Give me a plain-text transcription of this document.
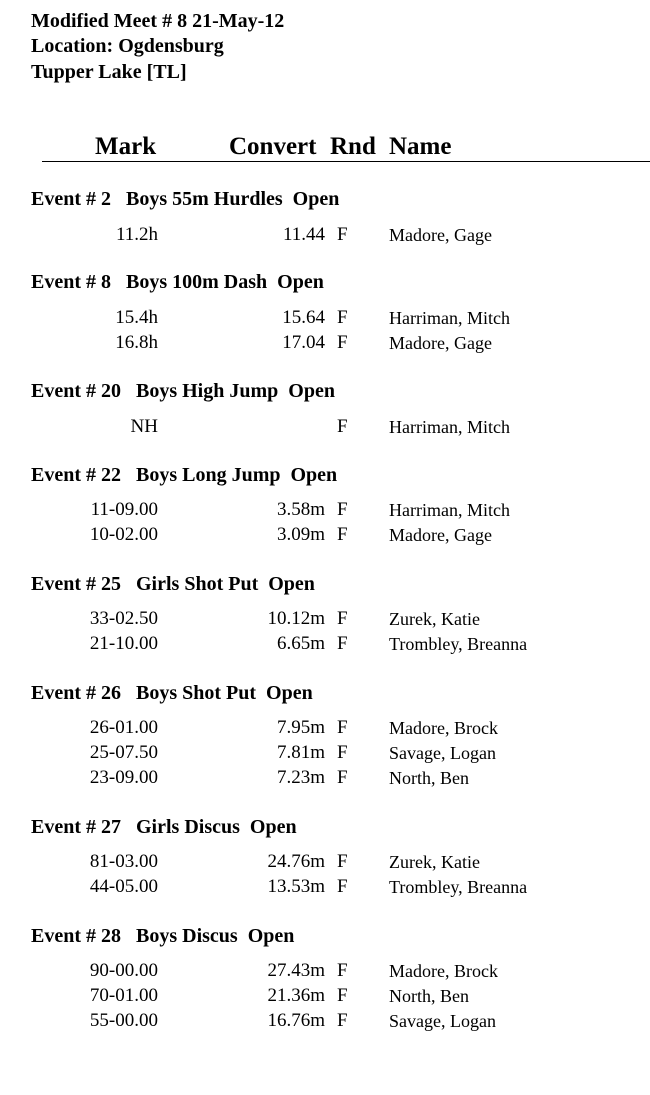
Modified Meet # 8 21-May-12
Location: Ogdensburg
Tupper Lake [TL]
Mark	Convert Rnd Name
Event # 2   Boys 55m Hurdles  Open
11.2h	11.44 F Madore, Gage
Event # 8   Boys 100m Dash  Open
15.4h	15.64 F Harriman, Mitch
16.8h	17.04 F Madore, Gage
Event # 20   Boys High Jump  Open
NH	F Harriman, Mitch
Event # 22   Boys Long Jump  Open
11-09.00	3.58m F Harriman, Mitch
10-02.00	3.09m F Madore, Gage
Event # 25   Girls Shot Put  Open
33-02.50	10.12m F Zurek, Katie
21-10.00	6.65m F Trombley, Breanna
Event # 26   Boys Shot Put  Open
26-01.00	7.95m F Madore, Brock
25-07.50	7.81m F Savage, Logan
23-09.00	7.23m F North, Ben
Event # 27   Girls Discus  Open
81-03.00	24.76m F Zurek, Katie
44-05.00	13.53m F Trombley, Breanna
Event # 28   Boys Discus  Open
90-00.00	27.43m F Madore, Brock
70-01.00	21.36m F North, Ben
55-00.00	16.76m F Savage, Logan
